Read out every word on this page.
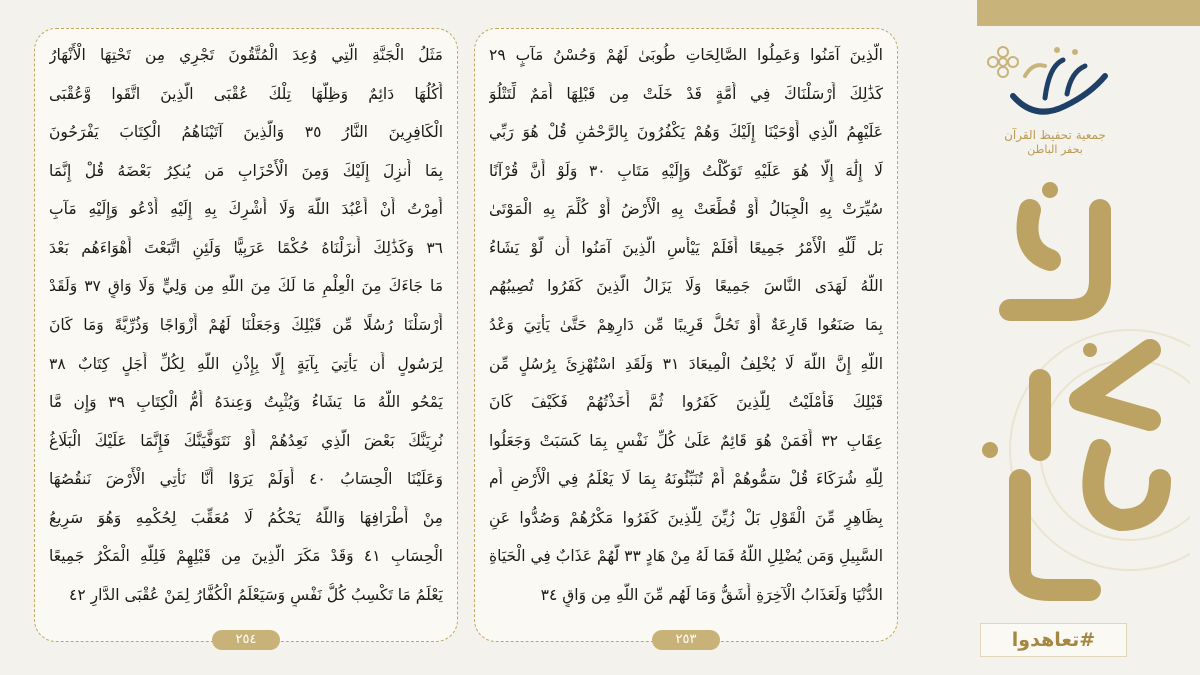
مَثَلُ الْجَنَّةِ الَّتِي وُعِدَ الْمُتَّقُونَ تَجْرِي مِن تَحْتِهَا الْأَنْهَارُ
أُكُلُهَا دَائِمٌ وَظِلُّهَا تِلْكَ عُقْبَى الَّذِينَ اتَّقَوا وَّعُقْبَى
الْكَافِرِينَ النَّارُ ٣٥ وَالَّذِينَ آتَيْنَاهُمُ الْكِتَابَ يَفْرَحُونَ
بِمَا أُنزِلَ إِلَيْكَ وَمِنَ الْأَحْزَابِ مَن يُنكِرُ بَعْضَهُ قُلْ إِنَّمَا
أُمِرْتُ أَنْ أَعْبُدَ اللَّهَ وَلَا أُشْرِكَ بِهِ إِلَيْهِ أَدْعُو وَإِلَيْهِ مَآبِ
٣٦ وَكَذَٰلِكَ أَنزَلْنَاهُ حُكْمًا عَرَبِيًّا وَلَئِنِ اتَّبَعْتَ أَهْوَاءَهُم بَعْدَ
مَا جَاءَكَ مِنَ الْعِلْمِ مَا لَكَ مِنَ اللَّهِ مِن وَلِيٍّ وَلَا وَاقٍ ٣٧ وَلَقَدْ
أَرْسَلْنَا رُسُلًا مِّن قَبْلِكَ وَجَعَلْنَا لَهُمْ أَزْوَاجًا وَذُرِّيَّةً وَمَا كَانَ
لِرَسُولٍ أَن يَأْتِيَ بِآيَةٍ إِلَّا بِإِذْنِ اللَّهِ لِكُلِّ أَجَلٍ كِتَابٌ ٣٨
يَمْحُو اللَّهُ مَا يَشَاءُ وَيُثْبِتُ وَعِندَهُ أُمُّ الْكِتَابِ ٣٩ وَإِن مَّا
نُرِيَنَّكَ بَعْضَ الَّذِي نَعِدُهُمْ أَوْ نَتَوَفَّيَنَّكَ فَإِنَّمَا عَلَيْكَ الْبَلَاغُ
وَعَلَيْنَا الْحِسَابُ ٤٠ أَوَلَمْ يَرَوْا أَنَّا نَأْتِي الْأَرْضَ نَنقُصُهَا
مِنْ أَطْرَافِهَا وَاللَّهُ يَحْكُمُ لَا مُعَقِّبَ لِحُكْمِهِ وَهُوَ سَرِيعُ
الْحِسَابِ ٤١ وَقَدْ مَكَرَ الَّذِينَ مِن قَبْلِهِمْ فَلِلَّهِ الْمَكْرُ جَمِيعًا
يَعْلَمُ مَا تَكْسِبُ كُلُّ نَفْسٍ وَسَيَعْلَمُ الْكُفَّارُ لِمَنْ عُقْبَى الدَّارِ ٤٢
٢٥٤
الَّذِينَ آمَنُوا وَعَمِلُوا الصَّالِحَاتِ طُوبَىٰ لَهُمْ وَحُسْنُ مَآبٍ ٢٩
كَذَٰلِكَ أَرْسَلْنَاكَ فِي أُمَّةٍ قَدْ خَلَتْ مِن قَبْلِهَا أُمَمٌ لِّتَتْلُوَ
عَلَيْهِمُ الَّذِي أَوْحَيْنَا إِلَيْكَ وَهُمْ يَكْفُرُونَ بِالرَّحْمَٰنِ قُلْ هُوَ رَبِّي
لَا إِلَٰهَ إِلَّا هُوَ عَلَيْهِ تَوَكَّلْتُ وَإِلَيْهِ مَتَابِ ٣٠ وَلَوْ أَنَّ قُرْآنًا
سُيِّرَتْ بِهِ الْجِبَالُ أَوْ قُطِّعَتْ بِهِ الْأَرْضُ أَوْ كُلِّمَ بِهِ الْمَوْتَىٰ
بَل لِّلَّهِ الْأَمْرُ جَمِيعًا أَفَلَمْ يَيْأَسِ الَّذِينَ آمَنُوا أَن لَّوْ يَشَاءُ
اللَّهُ لَهَدَى النَّاسَ جَمِيعًا وَلَا يَزَالُ الَّذِينَ كَفَرُوا تُصِيبُهُم
بِمَا صَنَعُوا قَارِعَةٌ أَوْ تَحُلُّ قَرِيبًا مِّن دَارِهِمْ حَتَّىٰ يَأْتِيَ وَعْدُ
اللَّهِ إِنَّ اللَّهَ لَا يُخْلِفُ الْمِيعَادَ ٣١ وَلَقَدِ اسْتُهْزِئَ بِرُسُلٍ مِّن
قَبْلِكَ فَأَمْلَيْتُ لِلَّذِينَ كَفَرُوا ثُمَّ أَخَذْتُهُمْ فَكَيْفَ كَانَ
عِقَابِ ٣٢ أَفَمَنْ هُوَ قَائِمٌ عَلَىٰ كُلِّ نَفْسٍ بِمَا كَسَبَتْ وَجَعَلُوا
لِلَّهِ شُرَكَاءَ قُلْ سَمُّوهُمْ أَمْ تُنَبِّئُونَهُ بِمَا لَا يَعْلَمُ فِي الْأَرْضِ أَم
بِظَاهِرٍ مِّنَ الْقَوْلِ بَلْ زُيِّنَ لِلَّذِينَ كَفَرُوا مَكْرُهُمْ وَصُدُّوا عَنِ
السَّبِيلِ وَمَن يُضْلِلِ اللَّهُ فَمَا لَهُ مِنْ هَادٍ ٣٣ لَّهُمْ عَذَابٌ فِي الْحَيَاةِ
الدُّنْيَا وَلَعَذَابُ الْآخِرَةِ أَشَقُّ وَمَا لَهُم مِّنَ اللَّهِ مِن وَاقٍ ٣٤
٢٥٣
جمعية تحفيظ القرآن
بحفر الباطن
#تعاهدوا
